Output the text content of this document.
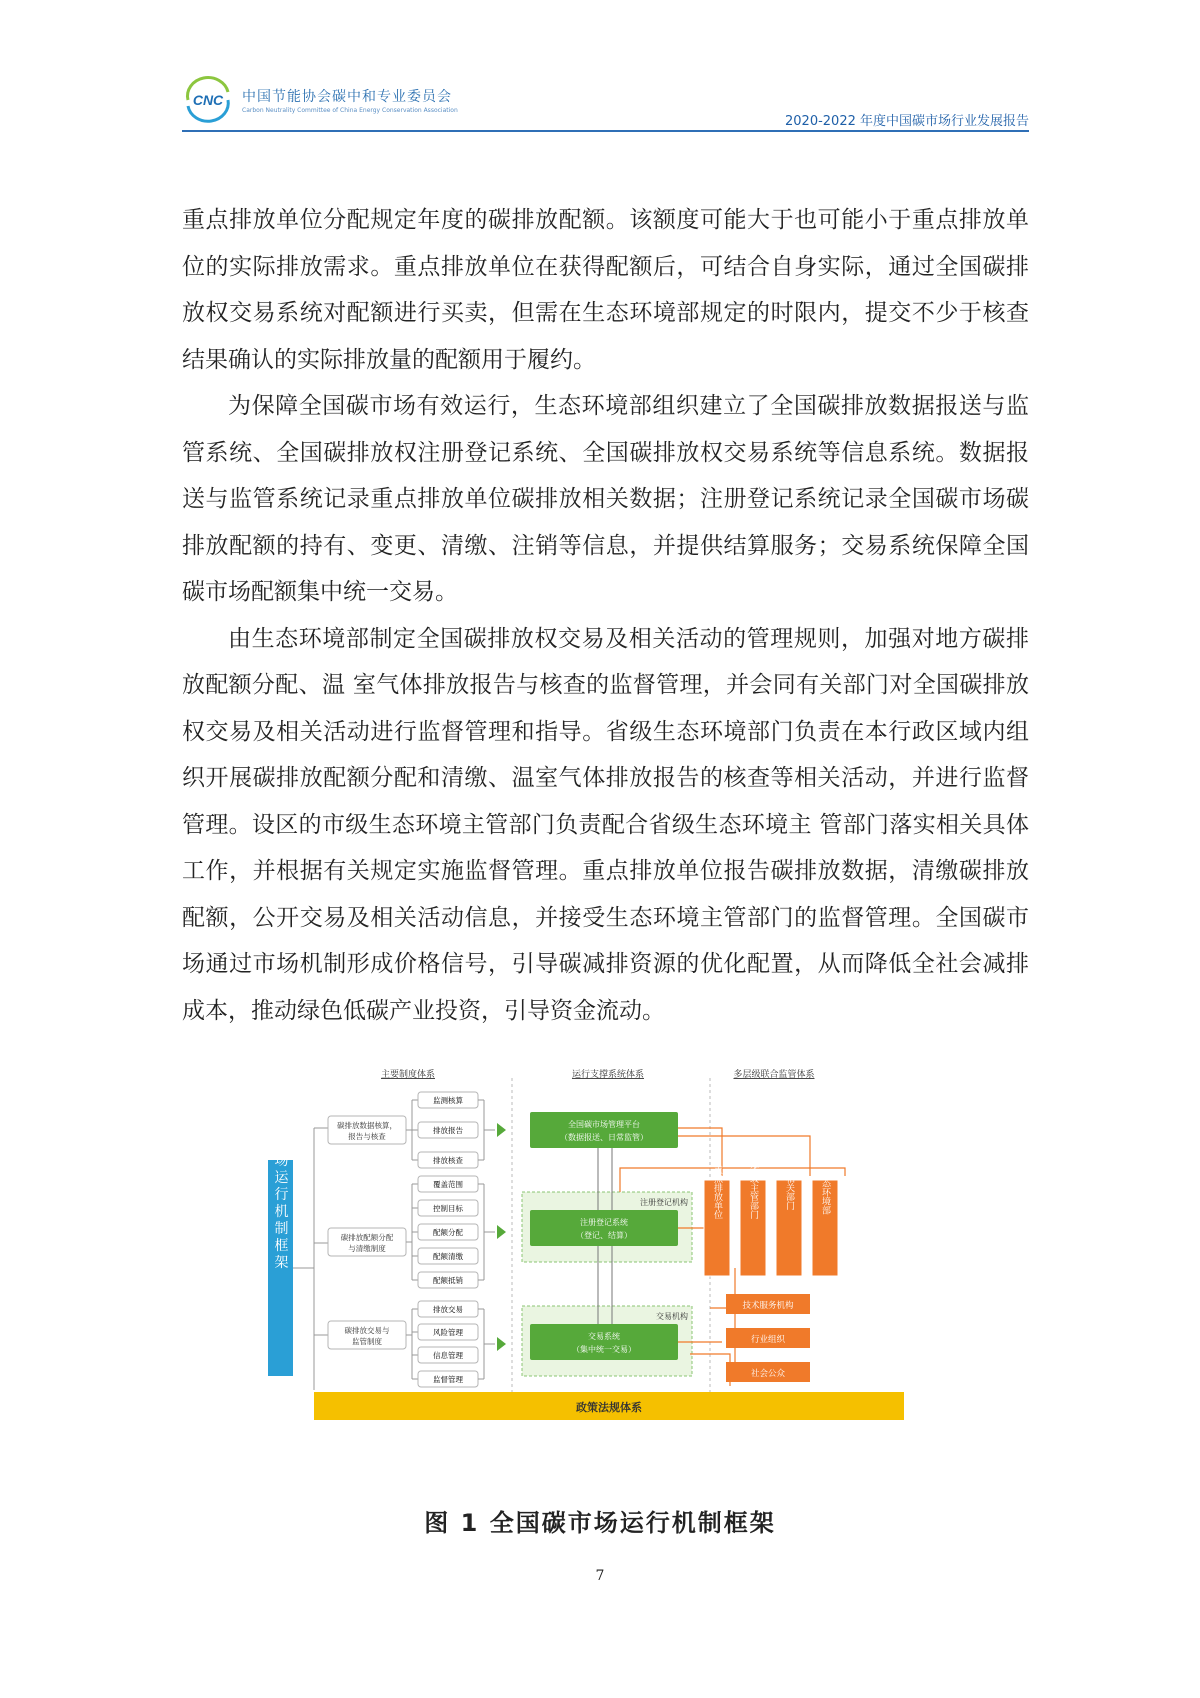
CNC 中国节能协会碳中和专业委员会
Carbon Neutrality Committee of China Energy Conservation Association
2020-2022 年度中国碳市场行业发展报告

重点排放单位分配规定年度的碳排放配额。该额度可能大于也可能小于重点排放单位的实际排放需求。重点排放单位在获得配额后，可结合自身实际，通过全国碳排放权交易系统对配额进行买卖，但需在生态环境部规定的时限内，提交不少于核查结果确认的实际排放量的配额用于履约。

为保障全国碳市场有效运行，生态环境部组织建立了全国碳排放数据报送与监管系统、全国碳排放权注册登记系统、全国碳排放权交易系统等信息系统。数据报送与监管系统记录重点排放单位碳排放相关数据；注册登记系统记录全国碳市场碳排放配额的持有、变更、清缴、注销等信息，并提供结算服务；交易系统保障全国碳市场配额集中统一交易。

由生态环境部制定全国碳排放权交易及相关活动的管理规则，加强对地方碳排放配额分配、温 室气体排放报告与核查的监督管理，并会同有关部门对全国碳排放权交易及相关活动进行监督管理和指导。省级生态环境部门负责在本行政区域内组织开展碳排放配额分配和清缴、温室气体排放报告的核查等相关活动，并进行监督管理。设区的市级生态环境主管部门负责配合省级生态环境主 管部门落实相关具体工作，并根据有关规定实施监督管理。重点排放单位报告碳排放数据，清缴碳排放配额，公开交易及相关活动信息，并接受生态环境主管部门的监督管理。全国碳市场通过市场机制形成价格信号，引导碳减排资源的优化配置，从而降低全社会减排成本，推动绿色低碳产业投资，引导资金流动。

主要制度体系	运行支撑系统体系	多层级联合监管体系
全国碳市场运行机制框架	碳排放数据核算，
报告与核查
碳排放配额分配
与清缴制度
碳排放交易与
监管制度
监测核算
排放报告
排放核查
覆盖范围
控制目标
配额分配
配额清缴
配额抵销
排放交易
风险管理
信息管理
监督管理
全国碳市场管理平台
（数据报送、日常监管）
注册登记机构
注册登记系统
（登记、结算）
交易机构
交易系统
（集中统一交易）
重点排放单位	省级主管部门	相关部门	生态环境部
技术服务机构
行业组织
社会公众
政策法规体系
图 1 全国碳市场运行机制框架
7
